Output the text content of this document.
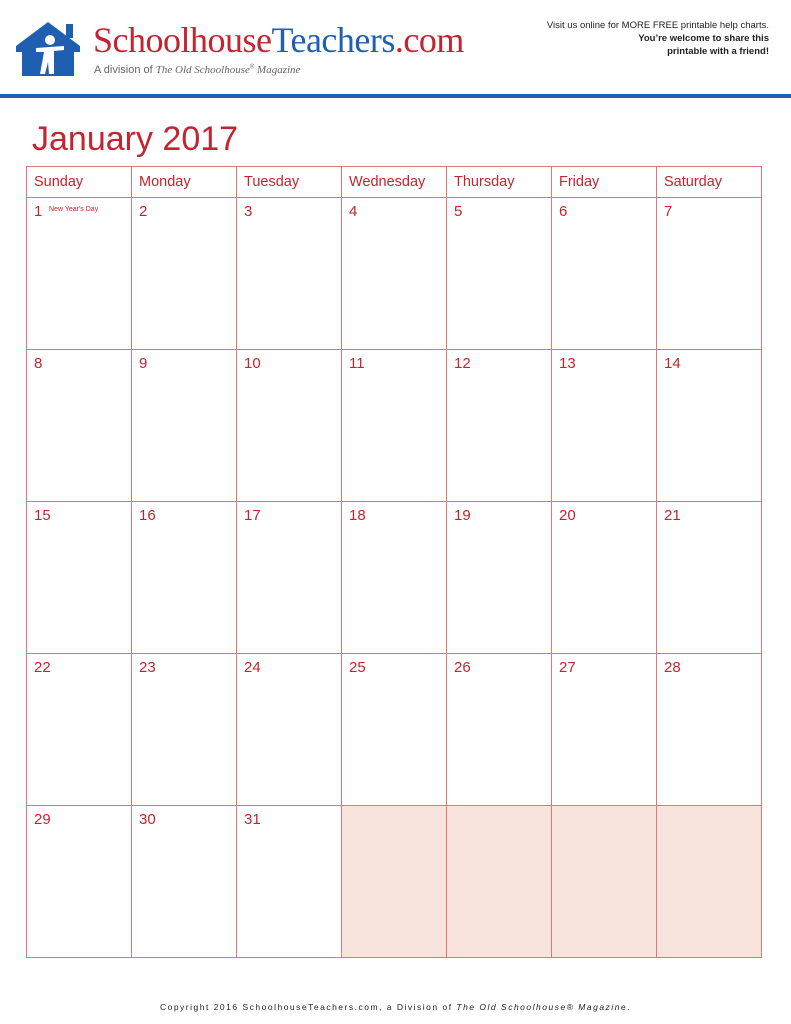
SchoolhouseTeachers.com
A division of The Old Schoolhouse® Magazine
Visit us online for MORE FREE printable help charts.
You’re welcome to share this printable with a friend!
January 2017
Sunday	Monday	Tuesday	Wednesday	Thursday	Friday	Saturday

1 New Year's Day	2	3	4	5	6	7

8	9	10	11	12	13	14

15	16	17	18	19	20	21

22	23	24	25	26	27	28

29	30	31				

Copyright 2016 SchoolhouseTeachers.com, a Division of The Old Schoolhouse® Magazine.
